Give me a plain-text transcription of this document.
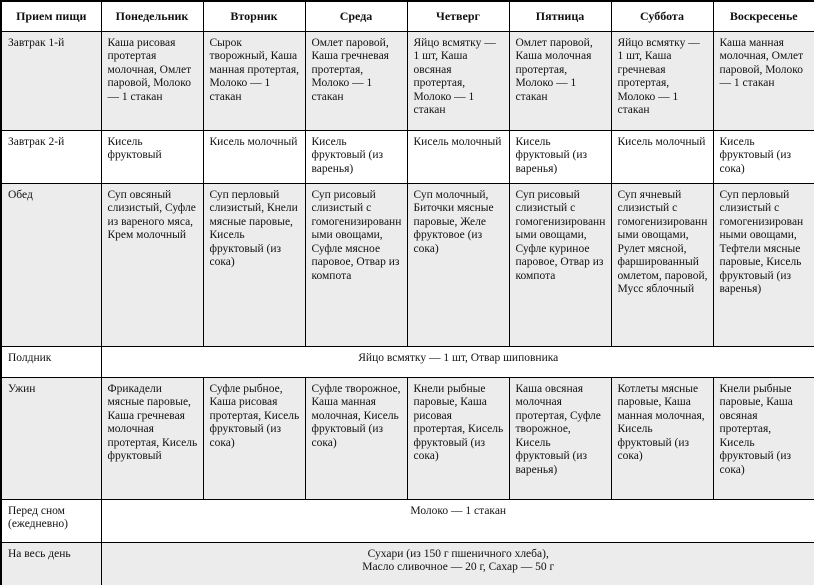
Прием пищи	Понедельник	Вторник	Среда	Четверг	Пятница	Суббота	Воскресенье
Завтрак 1-й	Каша рисовая протертая молочная, Омлет паровой, Молоко — 1 стакан	Сырок творожный, Каша манная протертая, Молоко — 1 стакан	Омлет паровой, Каша гречневая протертая, Молоко — 1 стакан	Яйцо всмятку — 1 шт, Каша овсяная протертая, Молоко — 1 стакан	Омлет паровой, Каша молочная протертая, Молоко — 1 стакан	Яйцо всмятку — 1 шт, Каша гречневая протертая, Молоко — 1 стакан	Каша манная молочная, Омлет паровой, Молоко — 1 стакан
Завтрак 2-й	Кисель фруктовый	Кисель молочный	Кисель фруктовый (из варенья)	Кисель молочный	Кисель фруктовый (из варенья)	Кисель молочный	Кисель фруктовый (из сока)
Обед	Суп овсяный слизистый, Суфле из вареного мяса, Крем молочный	Суп перловый слизистый, Кнели мясные паровые, Кисель фруктовый (из сока)	Суп рисовый слизистый с гомогенизированными овощами, Суфле мясное паровое, Отвар из компота	Суп молочный, Биточки мясные паровые, Желе фруктовое (из сока)	Суп рисовый слизистый с гомогенизированными овощами, Суфле куриное паровое, Отвар из компота	Суп ячневый слизистый с гомогенизированными овощами, Рулет мясной, фаршированный омлетом, паровой, Мусс яблочный	Суп перловый слизистый с гомогенизированными овощами, Тефтели мясные паровые, Кисель фруктовый (из варенья)
Полдник	Яйцо всмятку — 1 шт, Отвар шиповника						
Ужин	Фрикадели мясные паровые, Каша гречневая молочная протертая, Кисель фруктовый	Суфле рыбное, Каша рисовая протертая, Кисель фруктовый (из сока)	Суфле творожное, Каша манная молочная, Кисель фруктовый (из сока)	Кнели рыбные паровые, Каша рисовая протертая, Кисель фруктовый (из сока)	Каша овсяная молочная протертая, Суфле творожное, Кисель фруктовый (из варенья)	Котлеты мясные паровые, Каша манная молочная, Кисель фруктовый (из сока)	Кнели рыбные паровые, Каша овсяная протертая, Кисель фруктовый (из сока)
Перед сном (ежедневно)	Молоко — 1 стакан						
На весь день	Сухари (из 150 г пшеничного хлеба),
Масло сливочное — 20 г, Сахар — 50 г						
